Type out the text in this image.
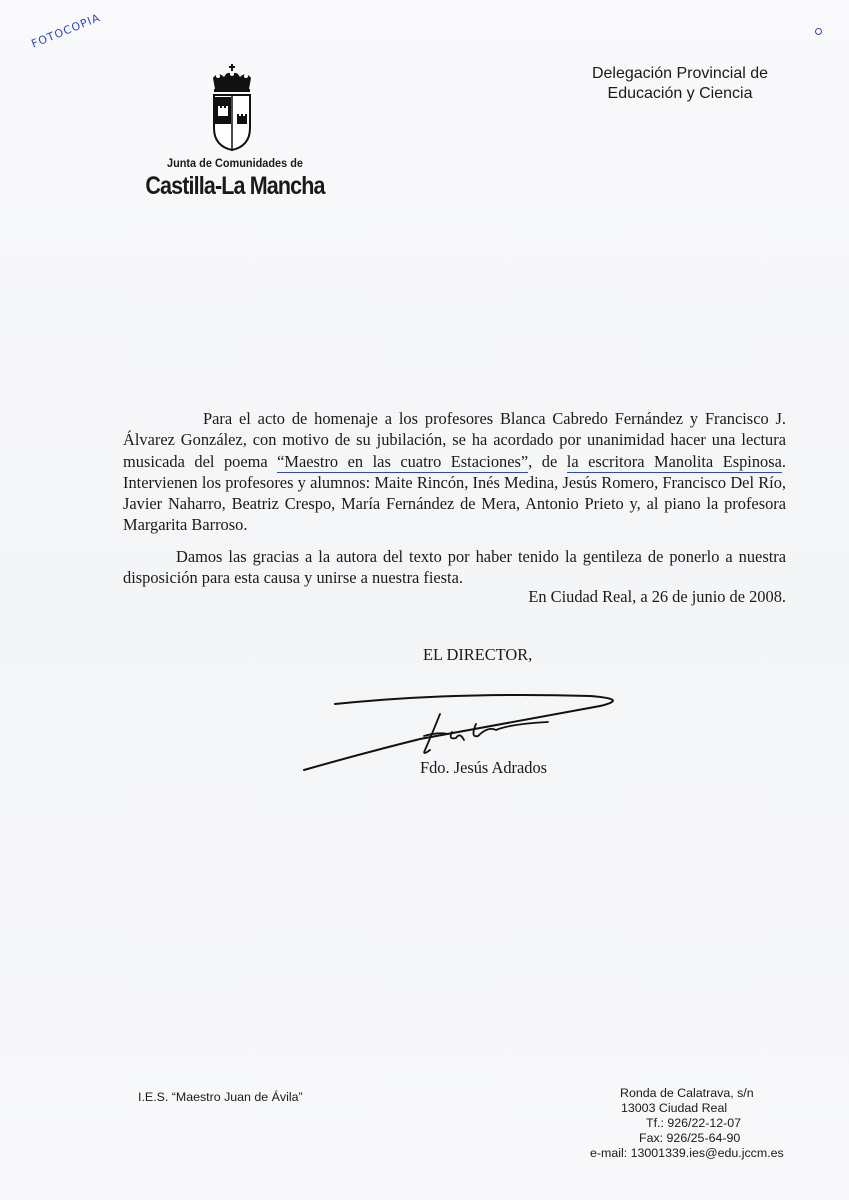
FOTOCOPIA
Junta de Comunidades de
Castilla-La Mancha
Delegación Provincial de
Educación y Ciencia

Para el acto de homenaje a los profesores Blanca Cabredo Fernández y Francisco J. Álvarez González, con motivo de su jubilación, se ha acordado por unanimidad hacer una lectura musicada del poema “Maestro en las cuatro Estaciones”, de la escritora Manolita Espinosa. Intervienen los profesores y alumnos: Maite Rincón, Inés Medina, Jesús Romero, Francisco Del Río, Javier Naharro, Beatriz Crespo, María Fernández de Mera, Antonio Prieto y, al piano la profesora Margarita Barroso.

Damos las gracias a la autora del texto por haber tenido la gentileza de ponerlo a nuestra disposición para esta causa y unirse a nuestra fiesta.

En Ciudad Real, a 26 de junio de 2008.
EL DIRECTOR,
Fdo. Jesús Adrados
I.E.S. “Maestro Juan de Ávila”	Ronda de Calatrava, s/n
13003 Ciudad Real
Tf.: 926/22-12-07
Fax: 926/25-64-90
e-mail: 13001339.ies@edu.jccm.es
